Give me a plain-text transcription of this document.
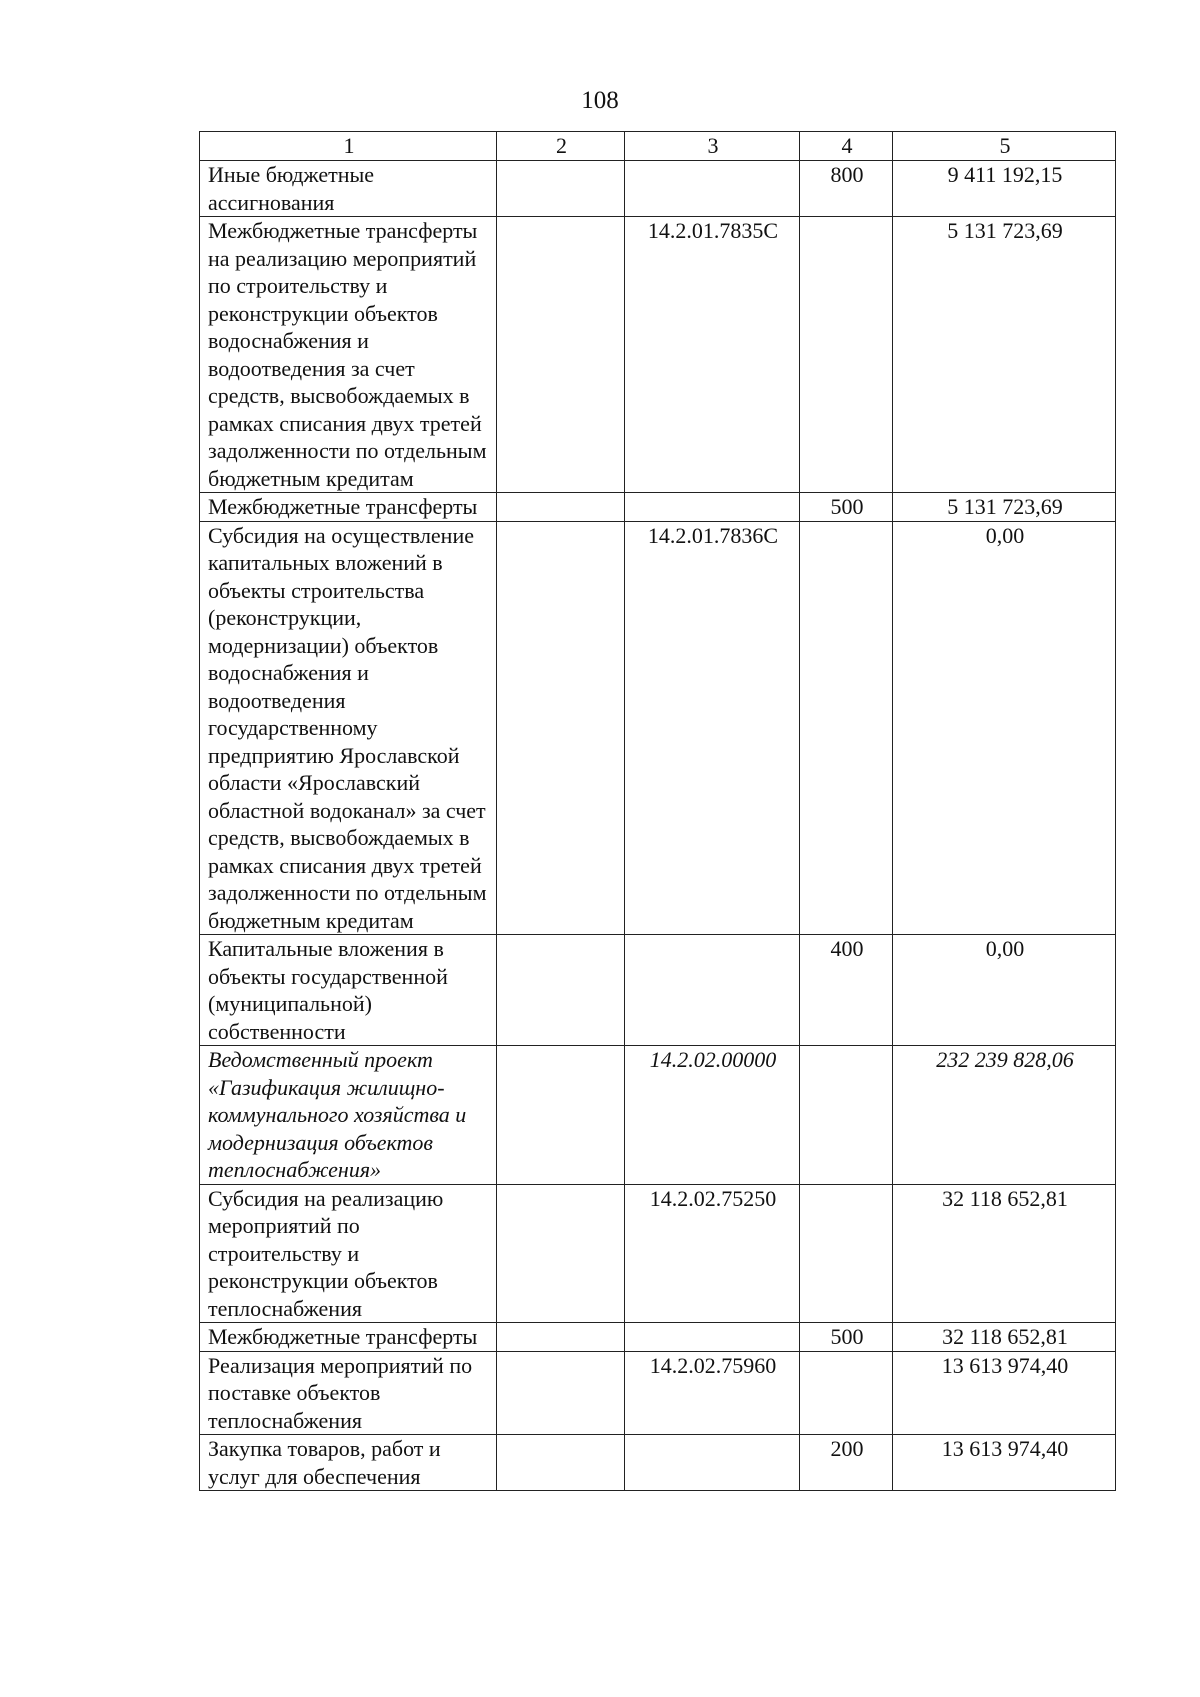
108
1	2	3	4	5
Иные бюджетные ассигнования			800	9 411 192,15
Межбюджетные трансферты на реализацию мероприятий по строительству и реконструкции объектов водоснабжения и водоотведения за счет средств, высвобождаемых в рамках списания двух третей задолженности по отдельным бюджетным кредитам		14.2.01.7835С		5 131 723,69
Межбюджетные трансферты			500	5 131 723,69
Субсидия на осуществление капитальных вложений в объекты строительства (реконструкции, модернизации) объектов водоснабжения и водоотведения государственному предприятию Ярославской области «Ярославский областной водоканал» за счет средств, высвобождаемых в рамках списания двух третей задолженности по отдельным бюджетным кредитам		14.2.01.7836С		0,00
Капитальные вложения в объекты государственной (муниципальной) собственности			400	0,00
Ведомственный проект «Газификация жилищно-коммунального хозяйства и модернизация объектов теплоснабжения»		14.2.02.00000		232 239 828,06
Субсидия на реализацию мероприятий по строительству и реконструкции объектов теплоснабжения		14.2.02.75250		32 118 652,81
Межбюджетные трансферты			500	32 118 652,81
Реализация мероприятий по поставке объектов теплоснабжения		14.2.02.75960		13 613 974,40
Закупка товаров, работ и услуг для обеспечения			200	13 613 974,40
